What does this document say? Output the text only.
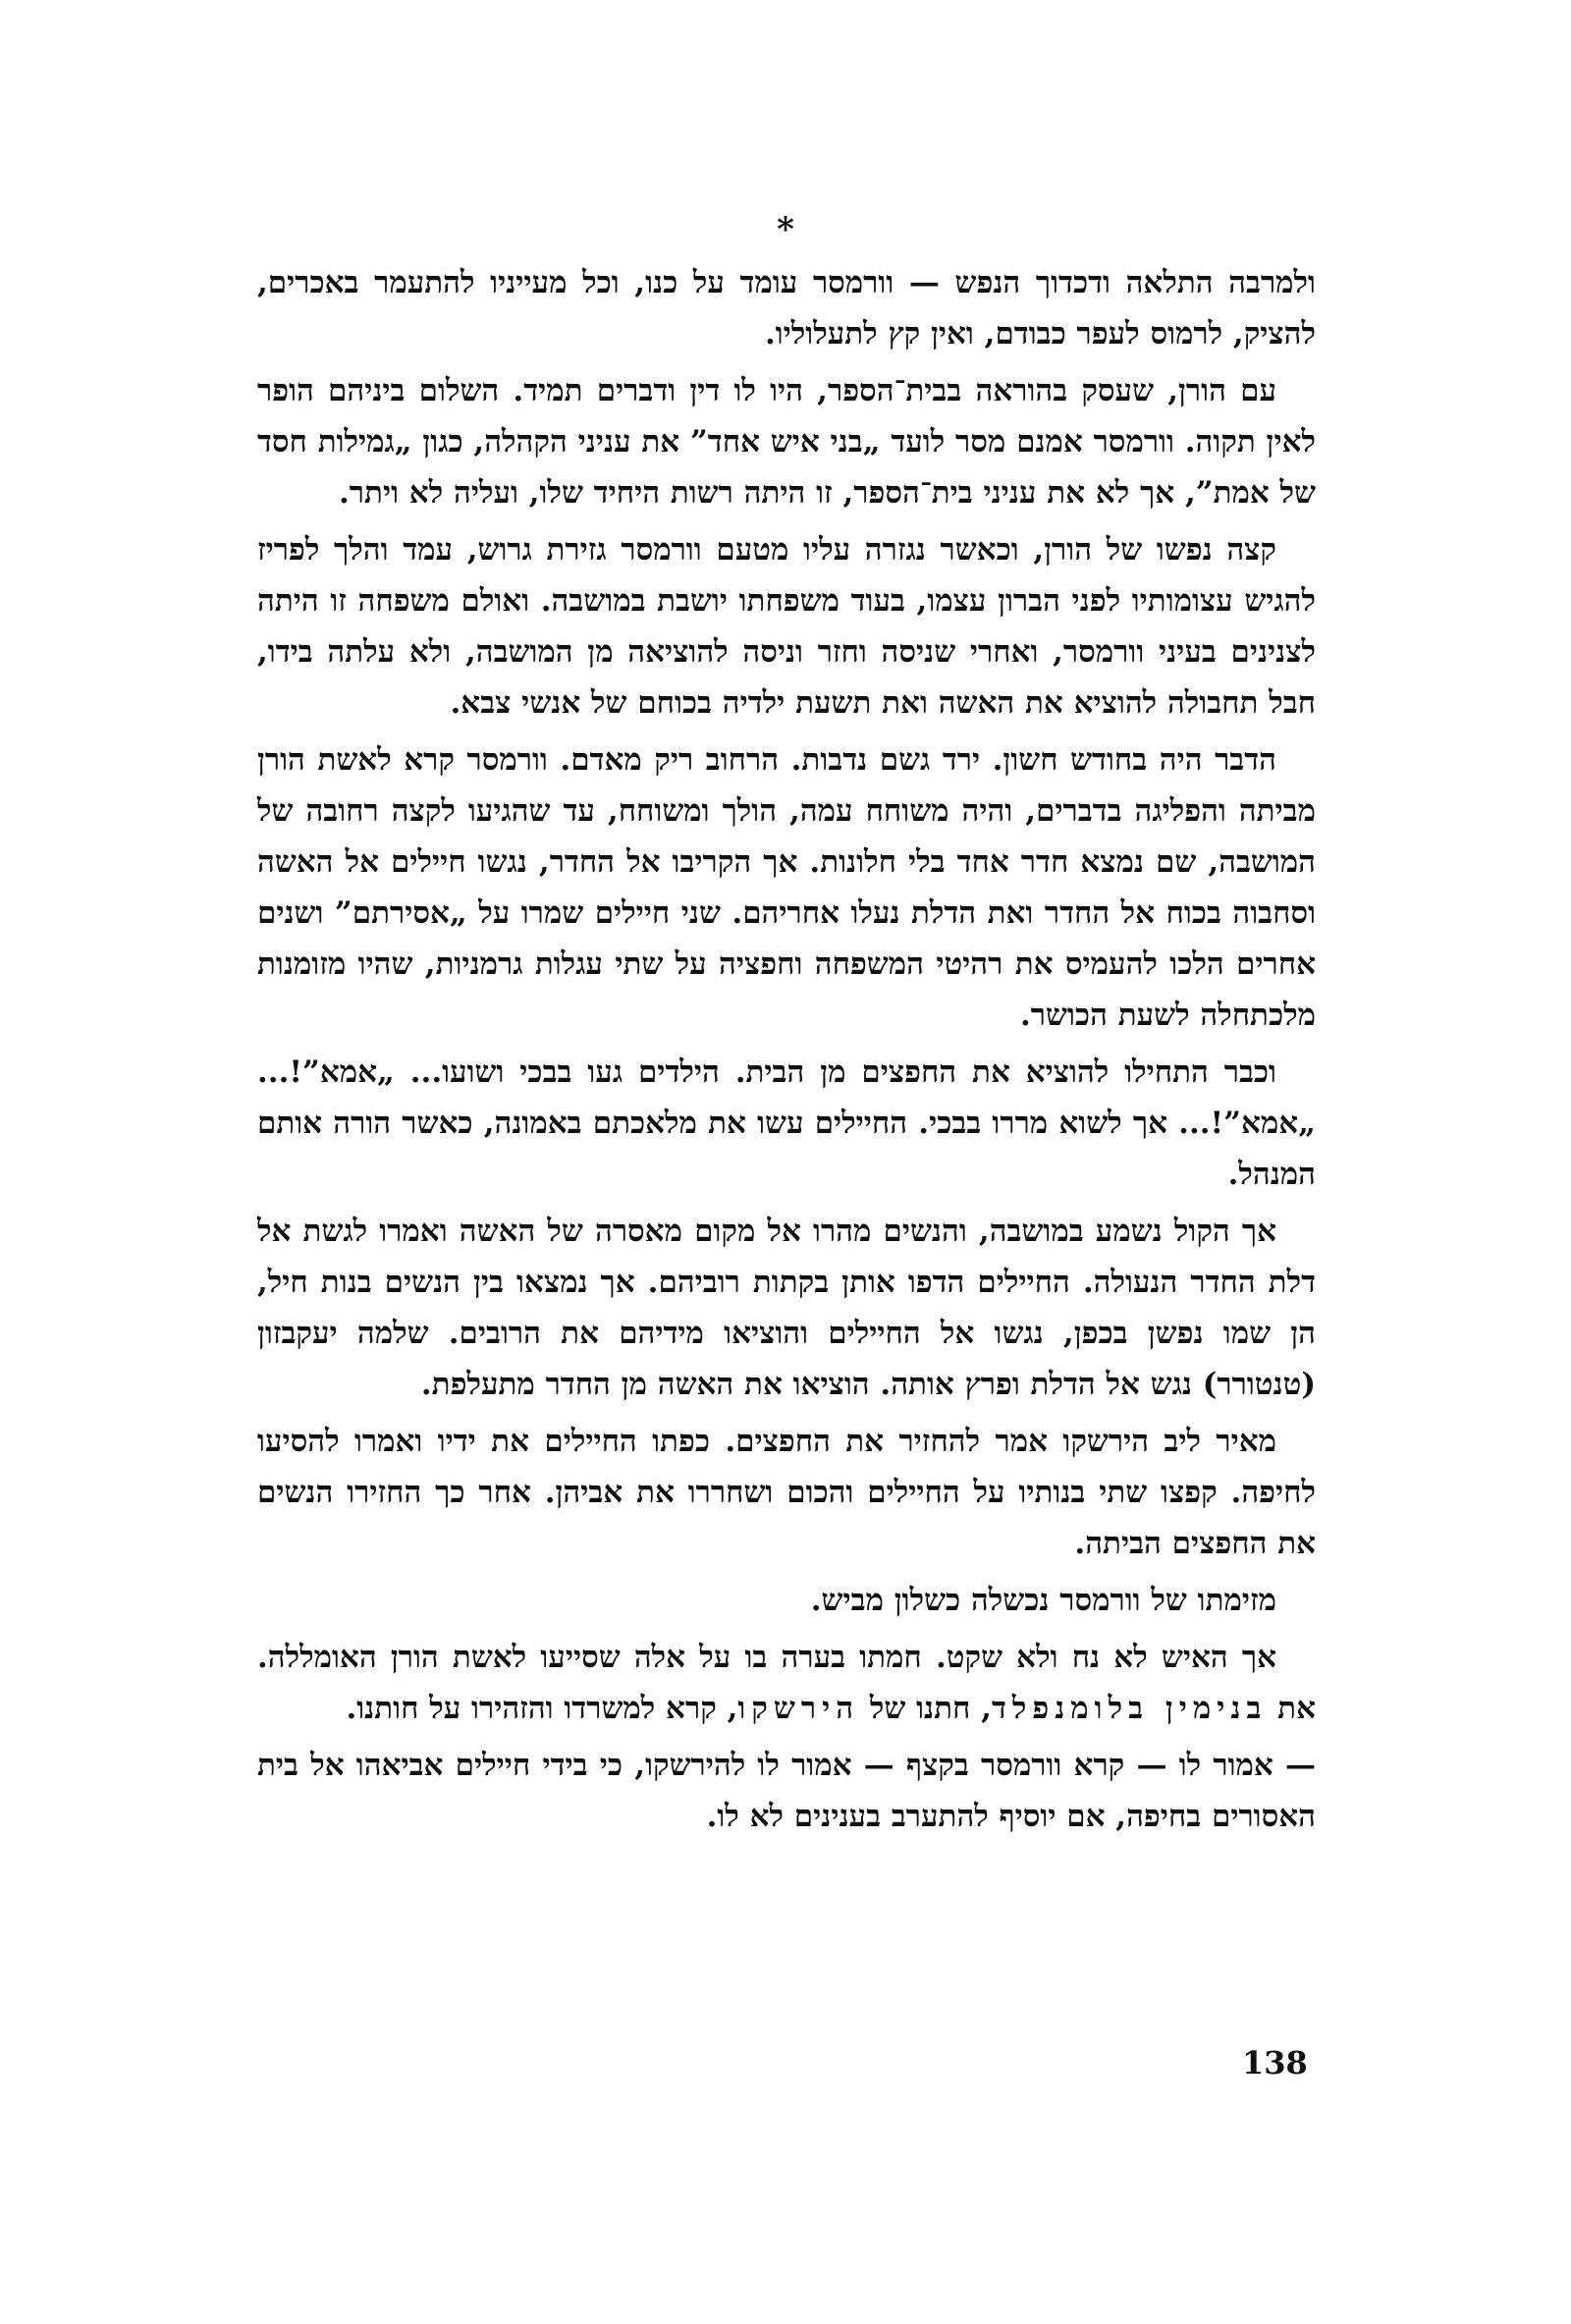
*

ולמרבה התלאה ודכדוך הנפש — וורמסר עומד על כנו, וכל מעייניו להתעמר באכרים, להציק, לרמוס לעפר כבודם, ואין קץ לתעלוליו.

עם הורן, שעסק בהוראה בבית־הספר, היו לו דין ודברים תמיד. השלום ביניהם הופר לאין תקוה. וורמסר אמנם מסר לועד „בני איש אחד” את עניני הקהלה, כגון „גמילות חסד של אמת”, אך לא את עניני בית־הספר, זו היתה רשות היחיד שלו, ועליה לא ויתר.

קצה נפשו של הורן, וכאשר נגזרה עליו מטעם וורמסר גזירת גרוש, עמד והלך לפריז להגיש עצומותיו לפני הברון עצמו, בעוד משפחתו יושבת במושבה. ואולם משפחה זו היתה לצנינים בעיני וורמסר, ואחרי שניסה וחזר וניסה להוציאה מן המושבה, ולא עלתה בידו, חבל תחבולה להוציא את האשה ואת תשעת ילדיה בכוחם של אנשי צבא.

הדבר היה בחודש חשון. ירד גשם נדבות. הרחוב ריק מאדם. וורמסר קרא לאשת הורן מביתה והפליגה בדברים, והיה משוחח עמה, הולך ומשוחח, עד שהגיעו לקצה רחובה של המושבה, שם נמצא חדר אחד בלי חלונות. אך הקריבו אל החדר, נגשו חיילים אל האשה וסחבוה בכוח אל החדר ואת הדלת נעלו אחריהם. שני חיילים שמרו על „אסירתם” ושנים אחרים הלכו להעמיס את רהיטי המשפחה וחפציה על שתי עגלות גרמניות, שהיו מזומנות מלכתחלה לשעת הכושר.

וכבר התחילו להוציא את החפצים מן הבית. הילדים געו בבכי ושועו... „אמא”!... „אמא”!... אך לשוא מררו בבכי. החיילים עשו את מלאכתם באמונה, כאשר הורה אותם המנהל.

אך הקול נשמע במושבה, והנשים מהרו אל מקום מאסרה של האשה ואמרו לגשת אל דלת החדר הנעולה. החיילים הדפו אותן בקתות רוביהם. אך נמצאו בין הנשים בנות חיל, הן שמו נפשן בכפן, נגשו אל החיילים והוציאו מידיהם את הרובים. שלמה יעקבזון (טנטורר) נגש אל הדלת ופרץ אותה. הוציאו את האשה מן החדר מתעלפת.

מאיר ליב הירשקו אמר להחזיר את החפצים. כפתו החיילים את ידיו ואמרו להסיעו לחיפה. קפצו שתי בנותיו על החיילים והכום ושחררו את אביהן. אחר כך החזירו הנשים את החפצים הביתה.

מזימתו של וורמסר נכשלה כשלון מביש.

אך האיש לא נח ולא שקט. חמתו בערה בו על אלה שסייעו לאשת הורן האומללה. את בנימין בלומנפלד, חתנו של הירשקו, קרא למשרדו והזהירו על חותנו.

— אמור לו — קרא וורמסר בקצף — אמור לו להירשקו, כי בידי חיילים אביאהו אל בית האסורים בחיפה, אם יוסיף להתערב בענינים לא לו.

138
